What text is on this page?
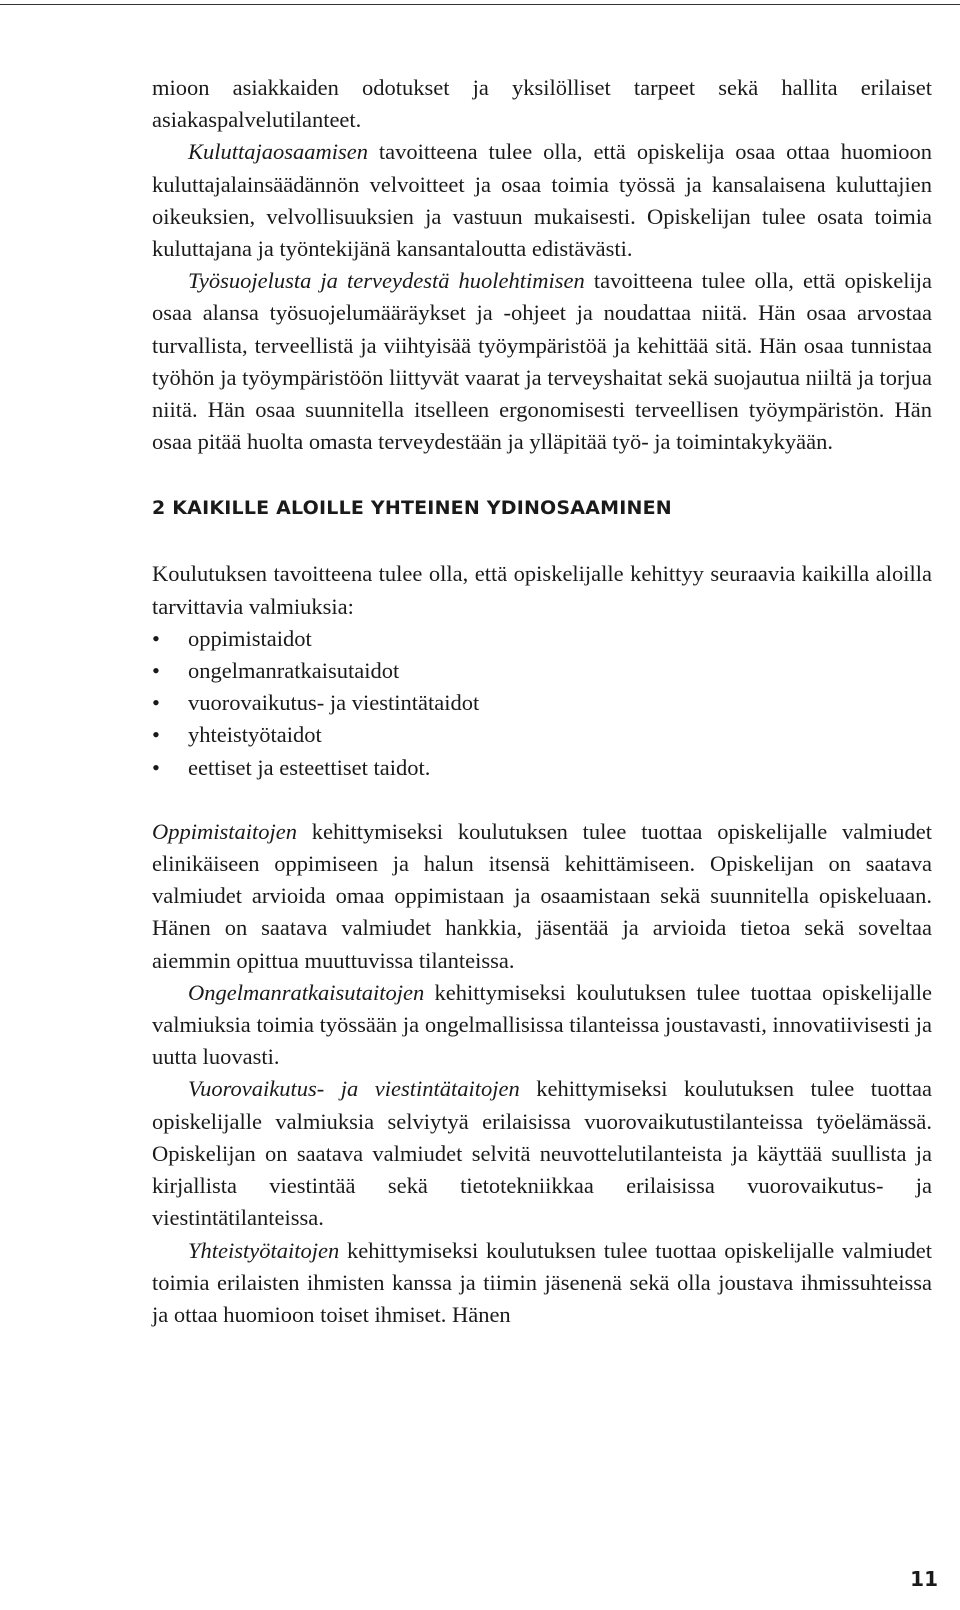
mioon asiakkaiden odotukset ja yksilölliset tarpeet sekä hallita erilaiset asiakaspalvelutilanteet.

Kuluttajaosaamisen tavoitteena tulee olla, että opiskelija osaa ottaa huomioon kuluttajalainsäädännön velvoitteet ja osaa toimia työssä ja kansalaisena kuluttajien oikeuksien, velvollisuuksien ja vastuun mukaisesti. Opiskelijan tulee osata toimia kuluttajana ja työntekijänä kansantaloutta edistävästi.

Työsuojelusta ja terveydestä huolehtimisen tavoitteena tulee olla, että opiskelija osaa alansa työsuojelumääräykset ja -ohjeet ja noudattaa niitä. Hän osaa arvostaa turvallista, terveellistä ja viihtyisää työympäristöä ja kehittää sitä. Hän osaa tunnistaa työhön ja työympäristöön liittyvät vaarat ja terveyshaitat sekä suojautua niiltä ja torjua niitä. Hän osaa suunnitella itselleen ergonomisesti terveellisen työympäristön. Hän osaa pitää huolta omasta terveydestään ja ylläpitää työ- ja toimintakykyään.

2 KAIKILLE ALOILLE YHTEINEN YDINOSAAMINEN

Koulutuksen tavoitteena tulee olla, että opiskelijalle kehittyy seuraavia kaikilla aloilla tarvittavia valmiuksia:

• oppimistaidot
• ongelmanratkaisutaidot
• vuorovaikutus- ja viestintätaidot
• yhteistyötaidot
• eettiset ja esteettiset taidot.

Oppimistaitojen kehittymiseksi koulutuksen tulee tuottaa opiskelijalle valmiudet elinikäiseen oppimiseen ja halun itsensä kehittämiseen. Opiskelijan on saatava valmiudet arvioida omaa oppimistaan ja osaamistaan sekä suunnitella opiskeluaan. Hänen on saatava valmiudet hankkia, jäsentää ja arvioida tietoa sekä soveltaa aiemmin opittua muuttuvissa tilanteissa.

Ongelmanratkaisutaitojen kehittymiseksi koulutuksen tulee tuottaa opiskelijalle valmiuksia toimia työssään ja ongelmallisissa tilanteissa joustavasti, innovatiivisesti ja uutta luovasti.

Vuorovaikutus- ja viestintätaitojen kehittymiseksi koulutuksen tulee tuottaa opiskelijalle valmiuksia selviytyä erilaisissa vuorovaikutustilanteissa työelämässä. Opiskelijan on saatava valmiudet selvitä neuvottelutilanteista ja käyttää suullista ja kirjallista viestintää sekä tietotekniikkaa erilaisissa vuorovaikutus- ja viestintätilanteissa.

Yhteistyötaitojen kehittymiseksi koulutuksen tulee tuottaa opiskelijalle valmiudet toimia erilaisten ihmisten kanssa ja tiimin jäsenenä sekä olla joustava ihmissuhteissa ja ottaa huomioon toiset ihmiset. Hänen

11
